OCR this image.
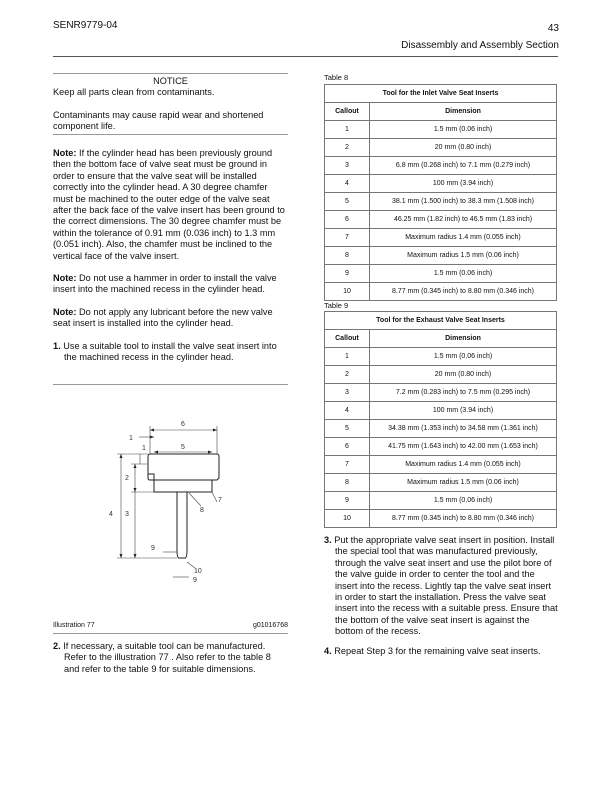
SENR9779-04	43
Disassembly and Assembly Section
NOTICE

Keep all parts clean from contaminants.

Contaminants may cause rapid wear and shortened component life.

Note: If the cylinder head has been previously ground then the bottom face of valve seat must be ground in order to ensure that the valve seat will be installed correctly into the cylinder head. A 30 degree chamfer must be machined to the outer edge of the valve seat after the back face of the valve insert has been ground to the correct dimensions. The 30 degree chamfer must be within the tolerance of 0.91 mm (0.036 inch) to 1.3 mm (0.051 inch). Also, the chamfer must be inclined to the vertical face of the valve insert.

Note: Do not use a hammer in order to install the valve insert into the machined recess in the cylinder head.

Note: Do not apply any lubricant before the new valve seat insert is installed into the cylinder head.

1. Use a suitable tool to install the valve seat insert into the machined recess in the cylinder head.

6
5
1
1
2
3
4
7
8
9
10
9
Illustration 77	g01016768

2. If necessary, a suitable tool can be manufactured. Refer to the illustration 77 . Also refer to the table 8 and refer to the table 9 for suitable dimensions.

Table 8
Tool for the Inlet Valve Seat Inserts	
Callout	Dimension
1	1.5 mm (0.06 inch)
2	20 mm (0.80 inch)
3	6.8 mm (0.268 inch) to 7.1 mm (0.279 inch)
4	100 mm (3.94 inch)
5	38.1 mm (1.500 inch) to 38.3 mm (1.508 inch)
6	46.25 mm (1.82 inch) to 46.5 mm (1.83 inch)
7	Maximum radius 1.4 mm (0.055 inch)
8	Maximum radius 1.5 mm (0.06 inch)
9	1.5 mm (0.06 inch)
10	8.77 mm (0.345 inch) to 8.80 mm (0.346 inch)
Table 9
Tool for the Exhaust Valve Seat Inserts	
Callout	Dimension
1	1.5 mm (0.06 inch)
2	20 mm (0.80 inch)
3	7.2 mm (0.283 inch) to 7.5 mm (0.295 inch)
4	100 mm (3.94 inch)
5	34.38 mm (1.353 inch) to 34.58 mm (1.361 inch)
6	41.75 mm (1.643 inch) to 42.00 mm (1.653 inch)
7	Maximum radius 1.4 mm (0.055 inch)
8	Maximum radius 1.5 mm (0.06 inch)
9	1.5 mm (0.06 inch)
10	8.77 mm (0.345 inch) to 8.80 mm (0.346 inch)

3. Put the appropriate valve seat insert in position. Install the special tool that was manufactured previously, through the valve seat insert and use the pilot bore of the valve guide in order to center the tool and the insert into the recess. Lightly tap the valve seat insert in order to start the installation. Press the valve seat insert into the recess with a suitable press. Ensure that the bottom of the valve seat insert is against the bottom of the recess.

4. Repeat Step 3 for the remaining valve seat inserts.
